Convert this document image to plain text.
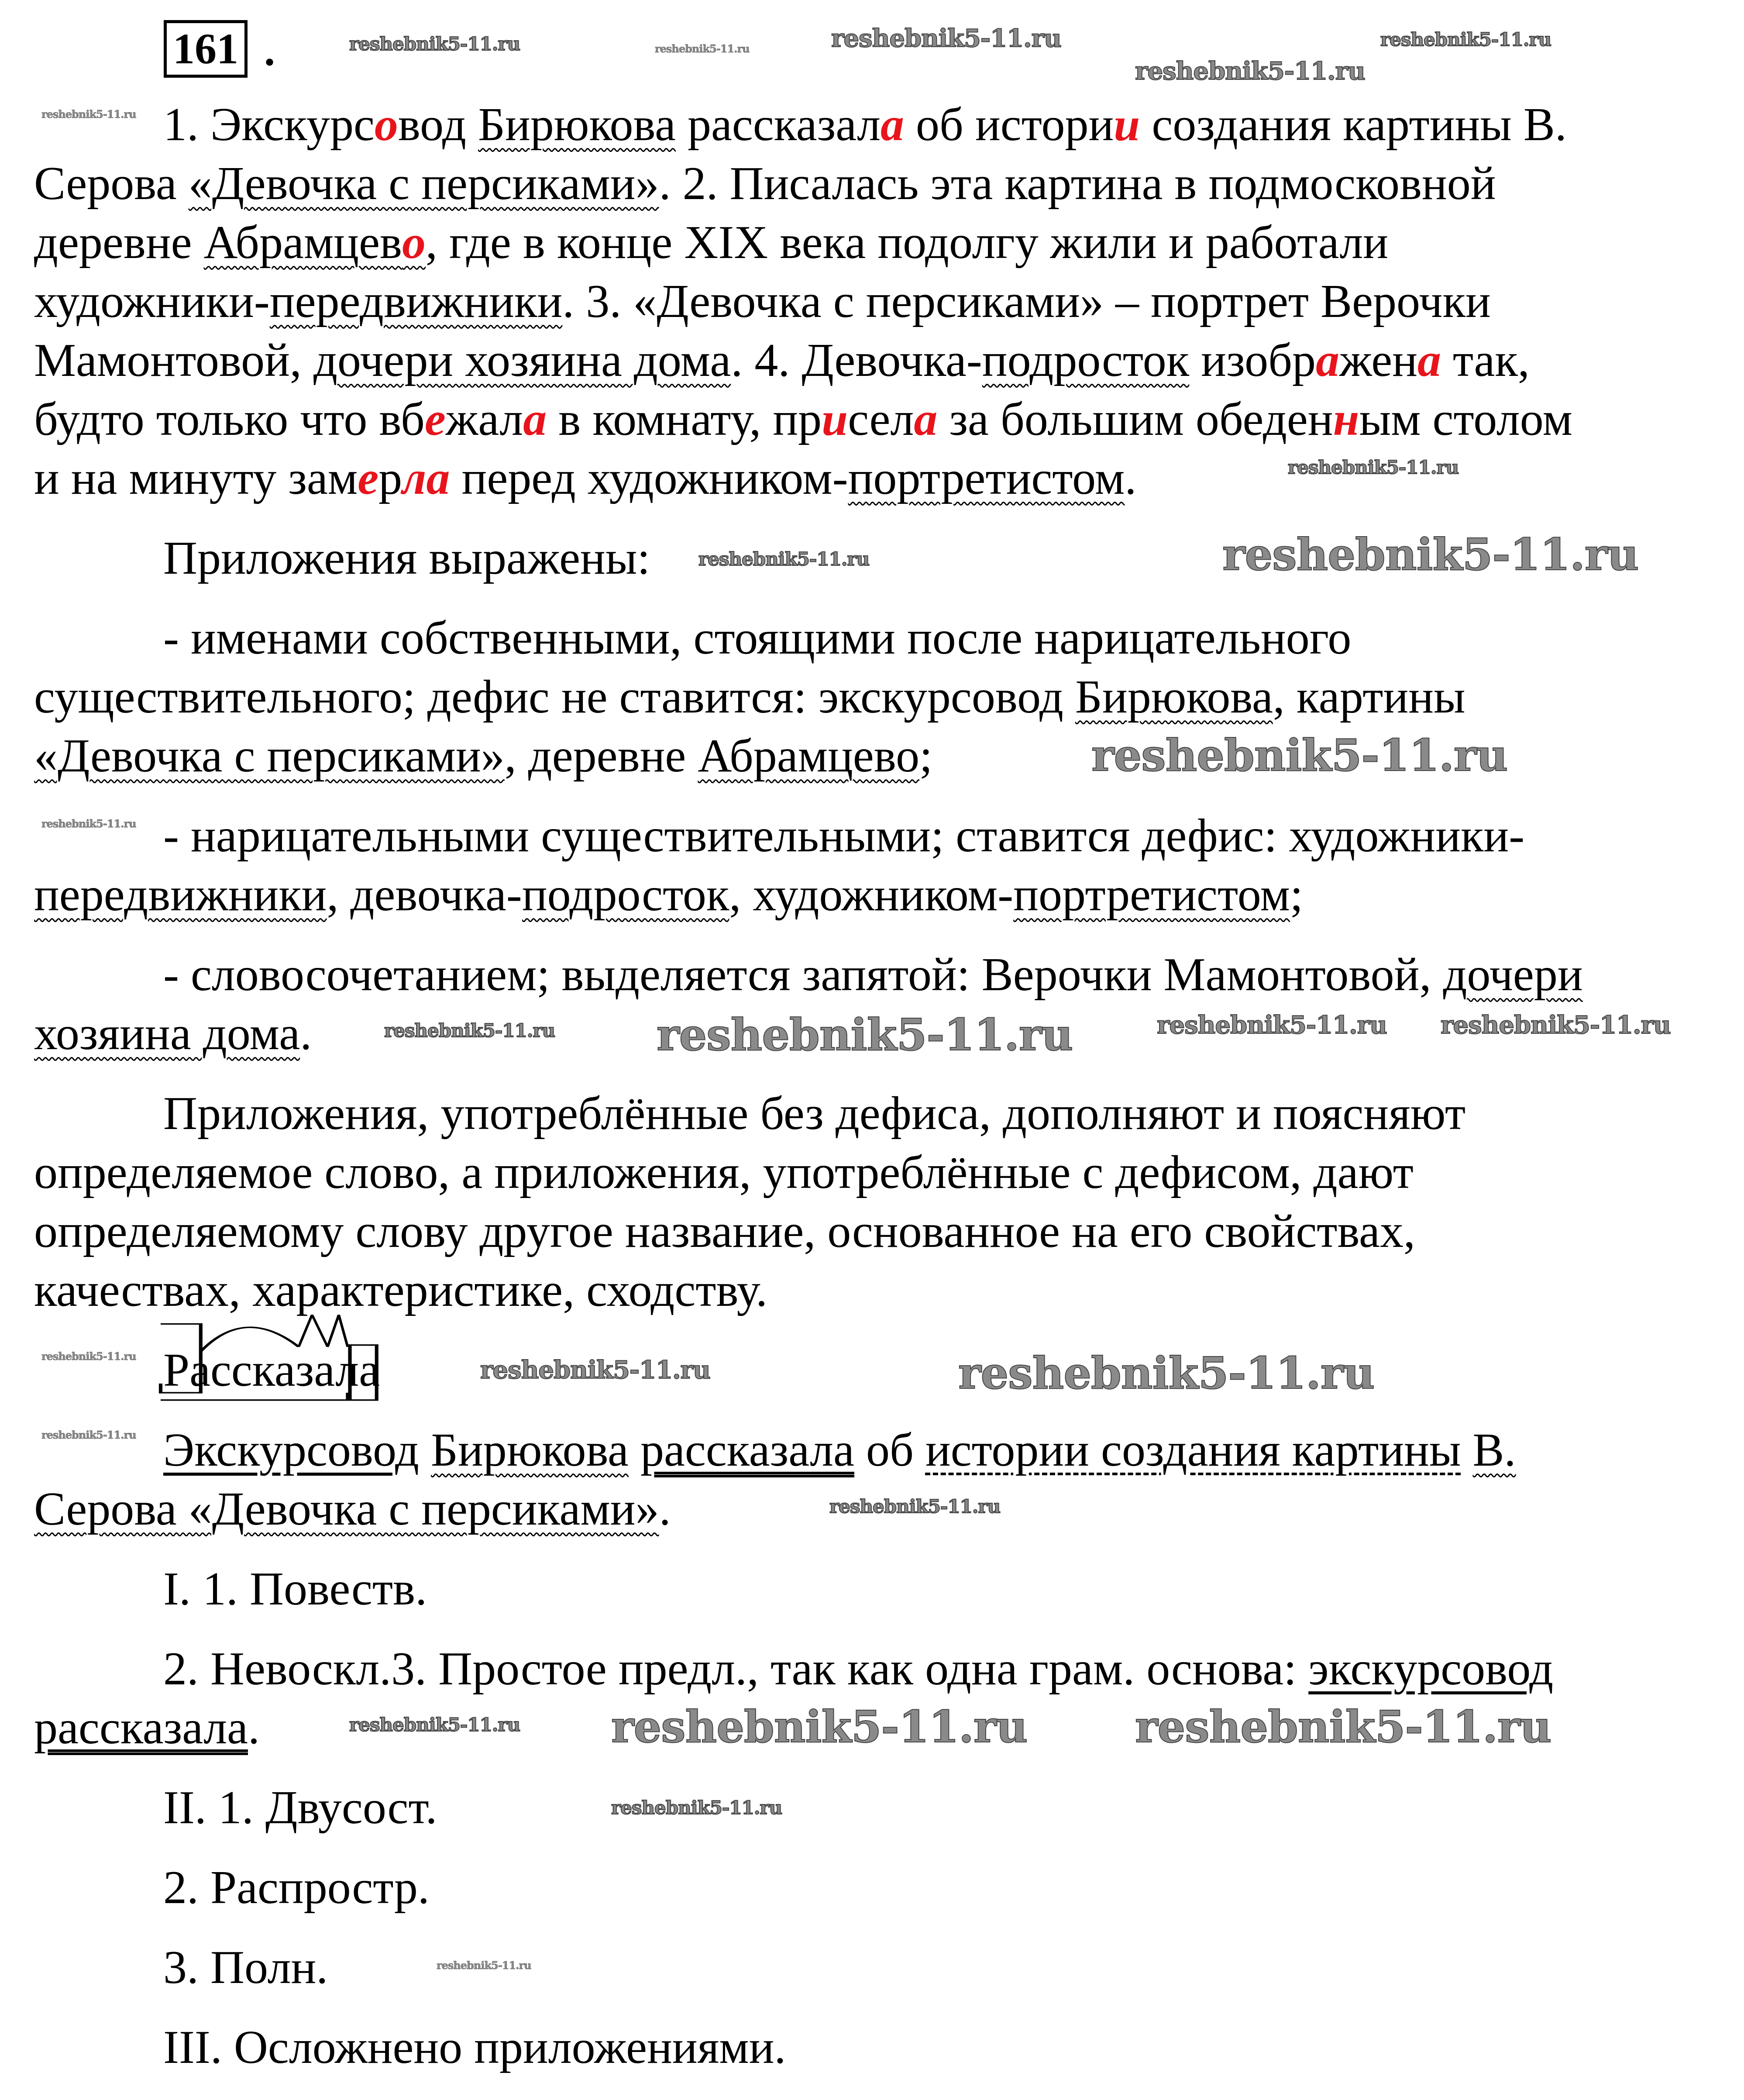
161 .
1. Экскурсовод Бирюкова рассказала об истории создания картины В.
Серова «Девочка с персиками». 2. Писалась эта картина в подмосковной
деревне Абрамцево, где в конце XIX века подолгу жили и работали
художники-передвижники. 3. «Девочка с персиками» – портрет Верочки
Мамонтовой, дочери хозяина дома. 4. Девочка-подросток изображена так,
будто только что вбежала в комнату, присела за большим обеденным столом
и на минуту замерла перед художником-портретистом.
Приложения выражены:
- именами собственными, стоящими после нарицательного
существительного; дефис не ставится: экскурсовод Бирюкова, картины
«Девочка с персиками», деревне Абрамцево;
- нарицательными существительными; ставится дефис: художники-
передвижники, девочка-подросток, художником-портретистом;
- словосочетанием; выделяется запятой: Верочки Мамонтовой, дочери
хозяина дома.
Приложения, употреблённые без дефиса, дополняют и поясняют
определяемое слово, а приложения, употреблённые с дефисом, дают
определяемому слову другое название, основанное на его свойствах,
качествах, характеристике, сходству.
Рассказала
Экскурсовод Бирюкова рассказала об истории создания картины В.
Серова «Девочка с персиками».
I. 1. Повеств.
2. Невоскл.3. Простое предл., так как одна грам. основа: экскурсовод
рассказала.
II. 1. Двусост.
2. Распростр.
3. Полн.
III. Осложнено приложениями.
reshebnik5-11.ru	reshebnik5-11.ru	reshebnik5-11.ru	reshebnik5-11.ru
reshebnik5-11.ru
reshebnik5-11.ru
reshebnik5-11.ru
reshebnik5-11.ru
reshebnik5-11.ru
reshebnik5-11.ru
reshebnik5-11.ru
reshebnik5-11.ru	reshebnik5-11.ru
reshebnik5-11.ru	reshebnik5-11.ru
reshebnik5-11.ru	reshebnik5-11.ru	reshebnik5-11.ru
reshebnik5-11.ru
reshebnik5-11.ru
reshebnik5-11.ru reshebnik5-11.ru reshebnik5-11.ru
reshebnik5-11.ru
reshebnik5-11.ru
